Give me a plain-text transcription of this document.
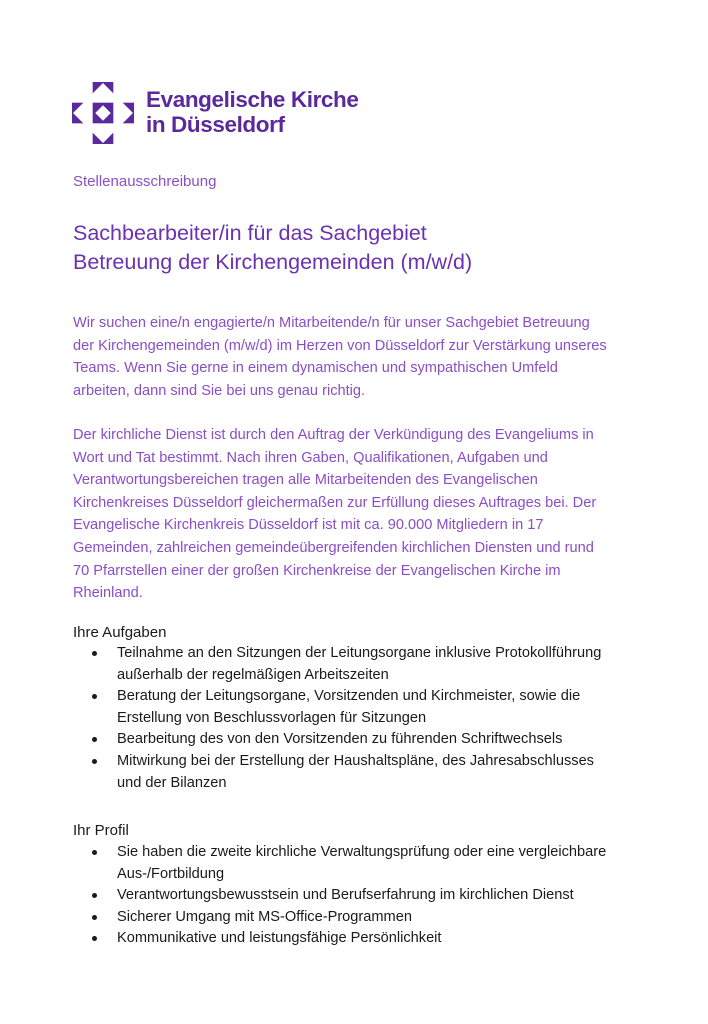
Evangelische Kirche
in Düsseldorf
Stellenausschreibung
Sachbearbeiter/in für das Sachgebiet
Betreuung der Kirchengemeinden (m/w/d)
Wir suchen eine/n engagierte/n Mitarbeitende/n für unser Sachgebiet Betreuung
der Kirchengemeinden (m/w/d) im Herzen von Düsseldorf zur Verstärkung unseres
Teams. Wenn Sie gerne in einem dynamischen und sympathischen Umfeld
arbeiten, dann sind Sie bei uns genau richtig.
Der kirchliche Dienst ist durch den Auftrag der Verkündigung des Evangeliums in
Wort und Tat bestimmt. Nach ihren Gaben, Qualifikationen, Aufgaben und
Verantwortungsbereichen tragen alle Mitarbeitenden des Evangelischen
Kirchenkreises Düsseldorf gleichermaßen zur Erfüllung dieses Auftrages bei. Der
Evangelische Kirchenkreis Düsseldorf ist mit ca. 90.000 Mitgliedern in 17
Gemeinden, zahlreichen gemeindeübergreifenden kirchlichen Diensten und rund
70 Pfarrstellen einer der großen Kirchenkreise der Evangelischen Kirche im
Rheinland.
Ihre Aufgaben
Teilnahme an den Sitzungen der Leitungsorgane inklusive Protokollführung
außerhalb der regelmäßigen Arbeitszeiten
Beratung der Leitungsorgane, Vorsitzenden und Kirchmeister, sowie die
Erstellung von Beschlussvorlagen für Sitzungen
Bearbeitung des von den Vorsitzenden zu führenden Schriftwechsels
Mitwirkung bei der Erstellung der Haushaltspläne, des Jahresabschlusses
und der Bilanzen
Ihr Profil
Sie haben die zweite kirchliche Verwaltungsprüfung oder eine vergleichbare
Aus-/Fortbildung
Verantwortungsbewusstsein und Berufserfahrung im kirchlichen Dienst
Sicherer Umgang mit MS-Office-Programmen
Kommunikative und leistungsfähige Persönlichkeit
